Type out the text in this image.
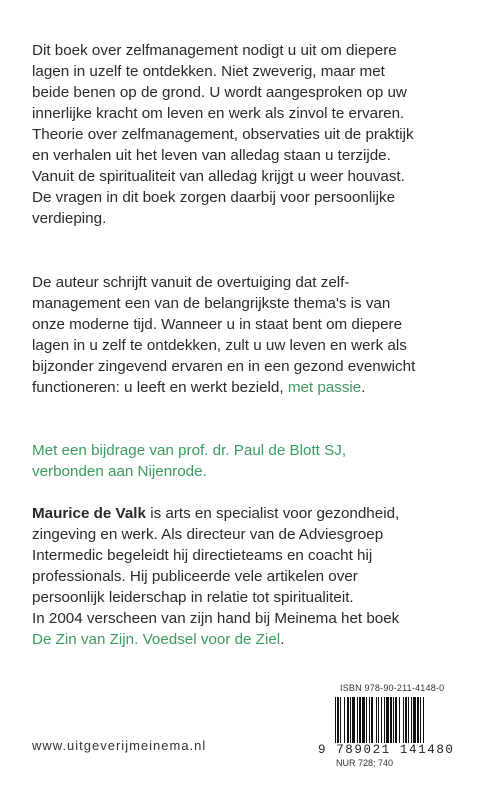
Dit boek over zelfmanagement nodigt u uit om diepere
lagen in uzelf te ontdekken. Niet zweverig, maar met
beide benen op de grond. U wordt aangesproken op uw
innerlijke kracht om leven en werk als zinvol te ervaren.
Theorie over zelfmanagement, observaties uit de praktijk
en verhalen uit het leven van alledag staan u terzijde.
Vanuit de spiritualiteit van alledag krijgt u weer houvast.
De vragen in dit boek zorgen daarbij voor persoonlijke
verdieping.
De auteur schrijft vanuit de overtuiging dat zelf-
management een van de belangrijkste thema's is van
onze moderne tijd. Wanneer u in staat bent om diepere
lagen in u zelf te ontdekken, zult u uw leven en werk als
bijzonder zingevend ervaren en in een gezond evenwicht
functioneren: u leeft en werkt bezield, met passie.
Met een bijdrage van prof. dr. Paul de Blott SJ,
verbonden aan Nijenrode.
Maurice de Valk is arts en specialist voor gezondheid,
zingeving en werk. Als directeur van de Adviesgroep
Intermedic begeleidt hij directieteams en coacht hij
professionals. Hij publiceerde vele artikelen over
persoonlijk leiderschap in relatie tot spiritualiteit.
In 2004 verscheen van zijn hand bij Meinema het boek
De Zin van Zijn. Voedsel voor de Ziel.
ISBN 978-90-211-4148-0
9 789021 141480
NUR 728; 740
www.uitgeverijmeinema.nl
